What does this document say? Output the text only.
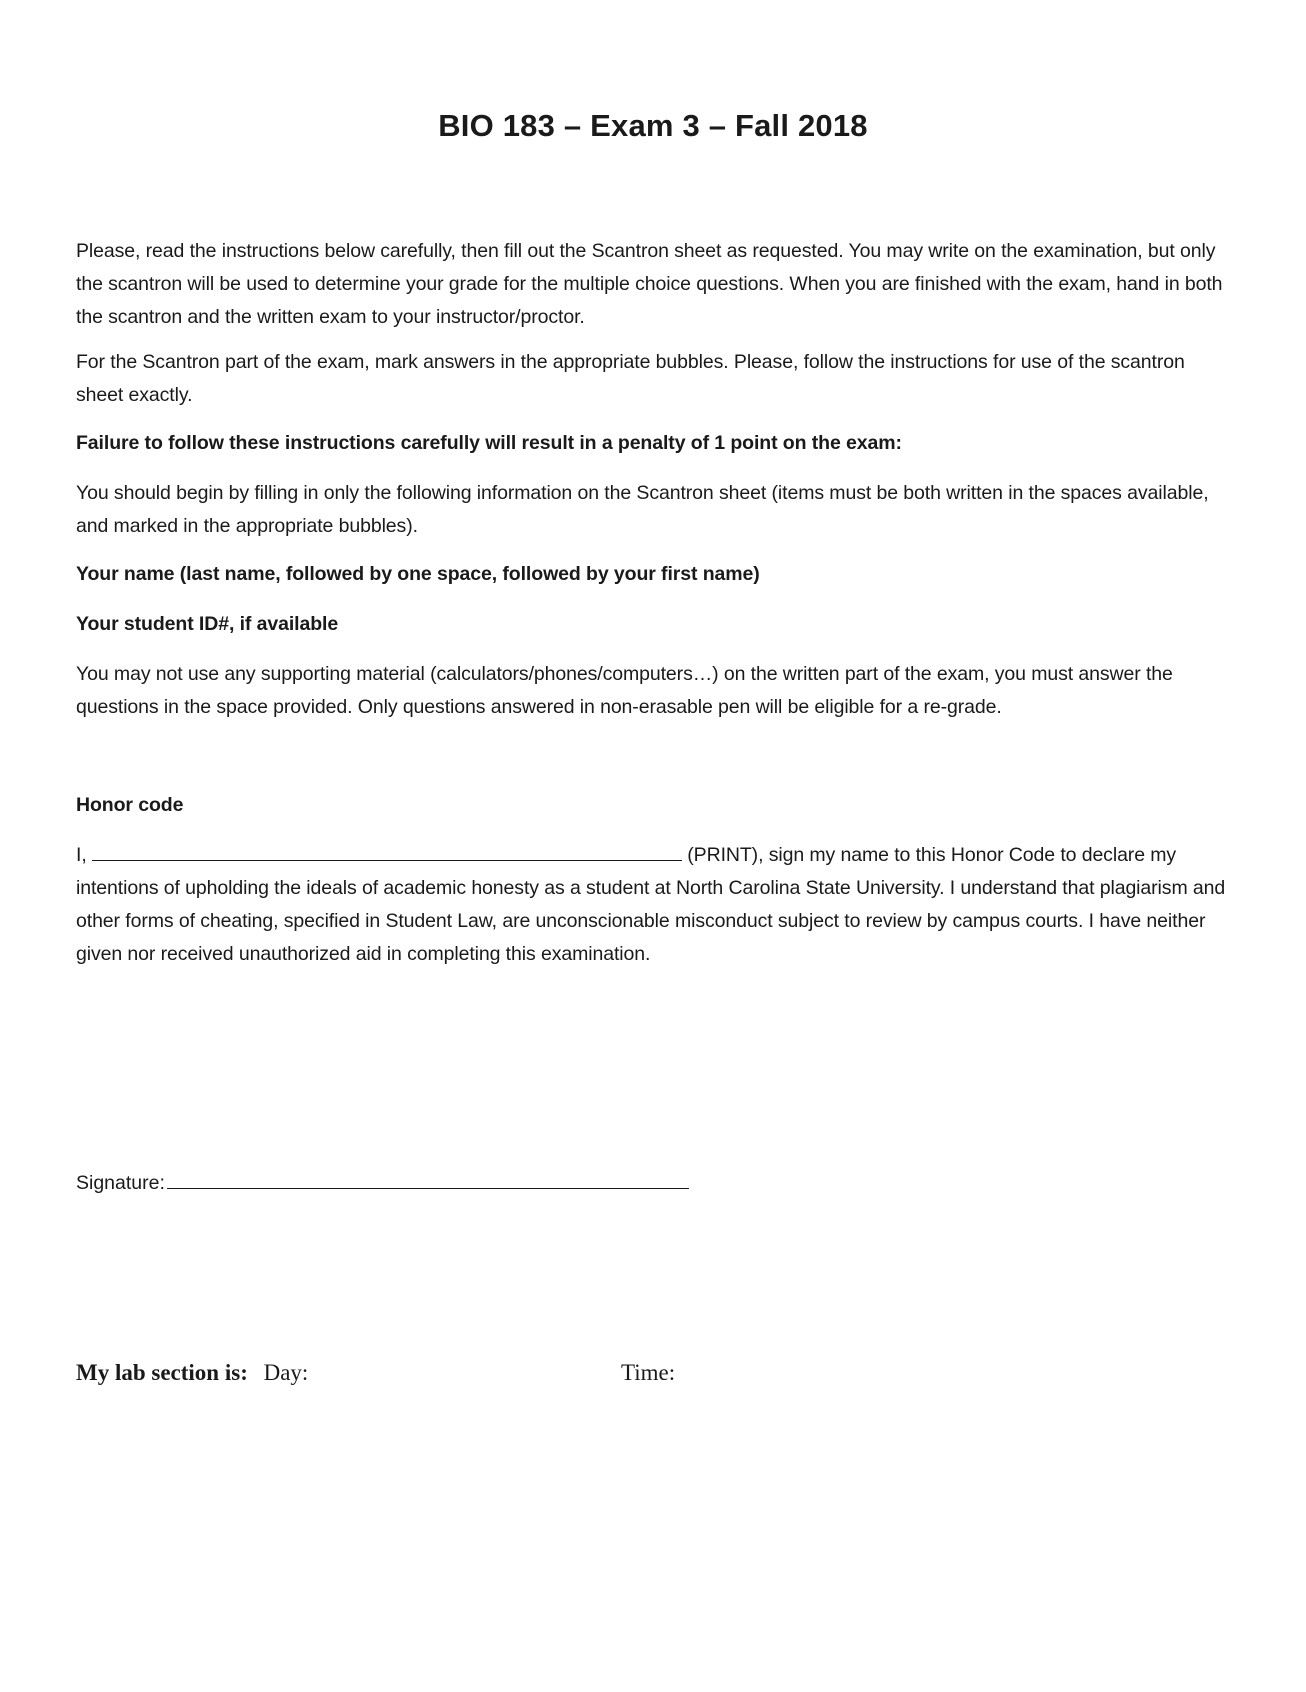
BIO 183 – Exam 3 – Fall 2018

Please, read the instructions below carefully, then fill out the Scantron sheet as requested. You may write on the examination, but only the scantron will be used to determine your grade for the multiple choice questions. When you are finished with the exam, hand in both the scantron and the written exam to your instructor/proctor.

For the Scantron part of the exam, mark answers in the appropriate bubbles. Please, follow the instructions for use of the scantron sheet exactly.

Failure to follow these instructions carefully will result in a penalty of 1 point on the exam:

You should begin by filling in only the following information on the Scantron sheet (items must be both written in the spaces available, and marked in the appropriate bubbles).

Your name (last name, followed by one space, followed by your first name)

Your student ID#, if available

You may not use any supporting material (calculators/phones/computers…) on the written part of the exam, you must answer the questions in the space provided. Only questions answered in non-erasable pen will be eligible for a re-grade.

Honor code

I,	(PRINT), sign my name to this Honor Code to declare my intentions of upholding the ideals of academic honesty as a student at North Carolina State University. I understand that plagiarism and other forms of cheating, specified in Student Law, are unconscionable misconduct subject to review by campus courts. I have neither given nor received unauthorized aid in completing this examination.

Signature:
My lab section is: Day:	Time:
